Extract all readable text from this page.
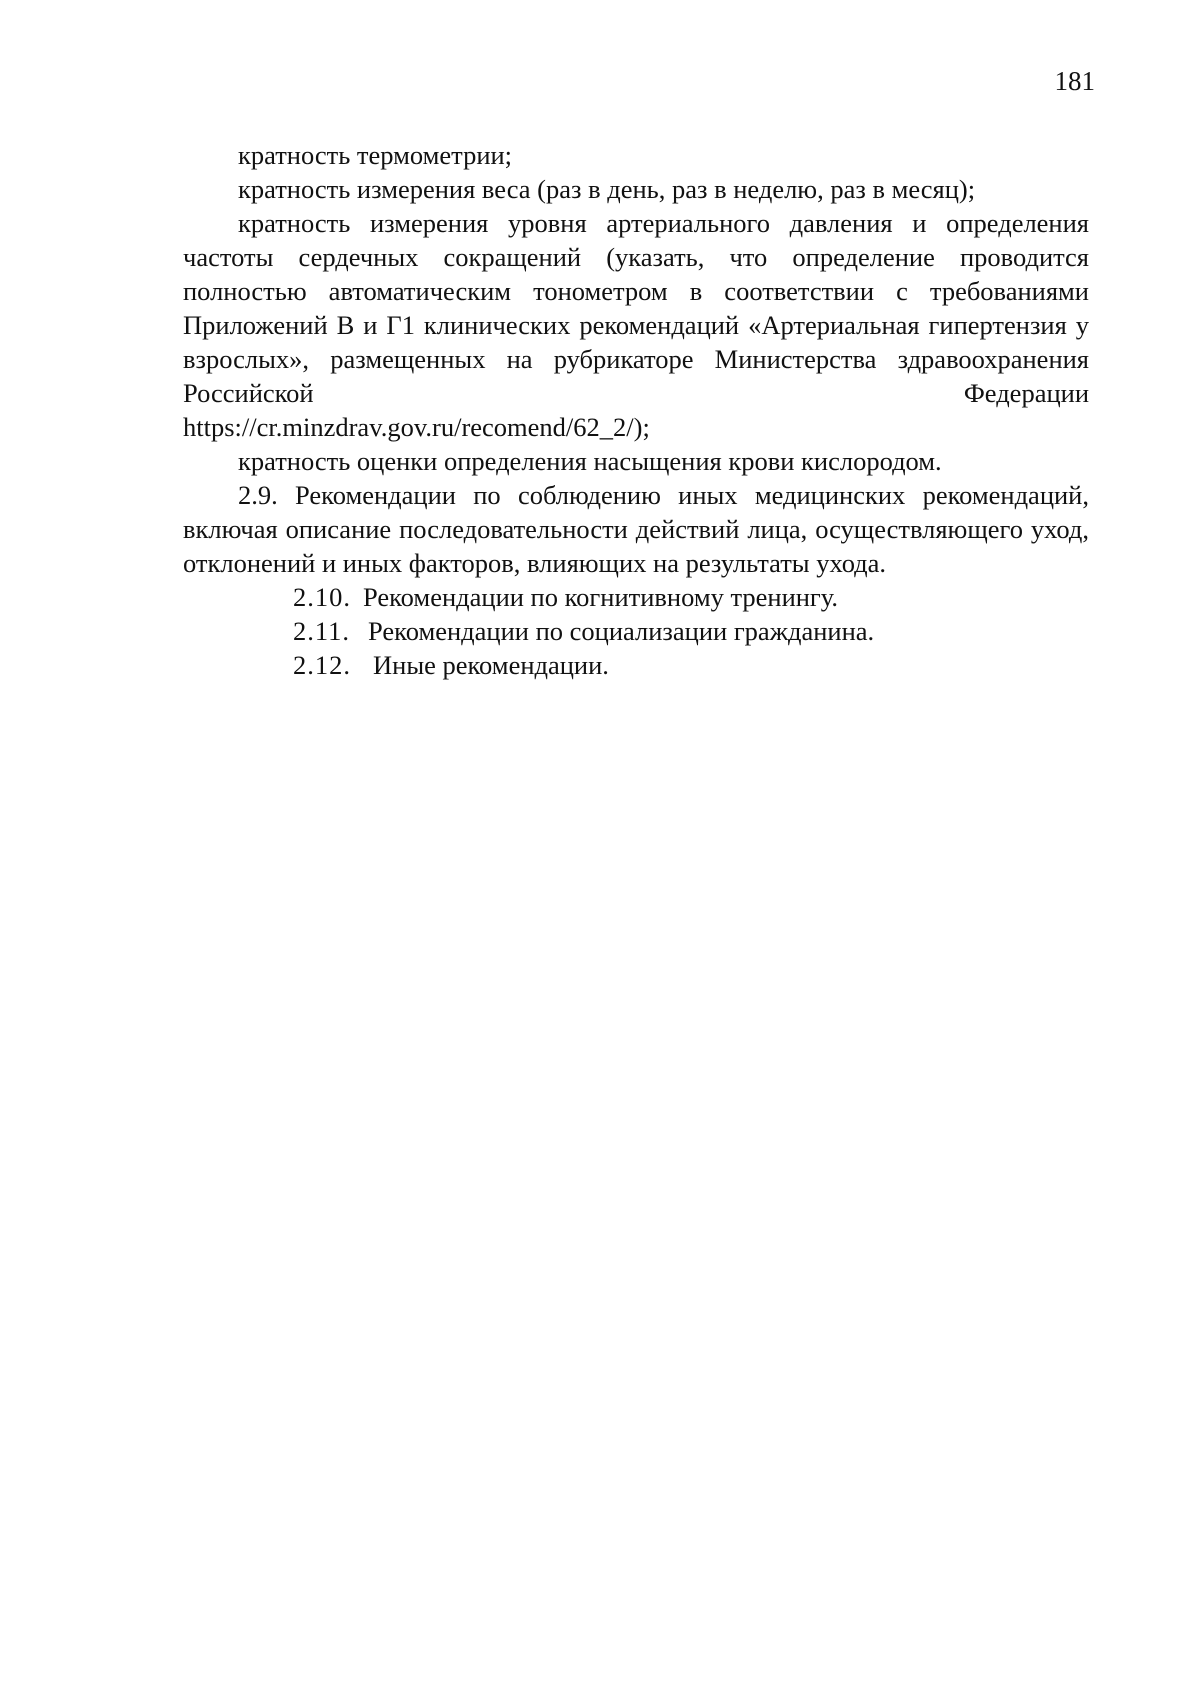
181

кратность термометрии;

кратность измерения веса (раз в день, раз в неделю, раз в месяц);

кратность измерения уровня артериального давления и определения частоты сердечных сокращений (указать, что определение проводится полностью автоматическим тонометром в соответствии с требованиями Приложений В и Г1 клинических рекомендаций «Артериальная гипертензия у взрослых», размещенных на рубрикаторе Министерства здравоохранения Российской Федерации

https://cr.minzdrav.gov.ru/recomend/62_2/);

кратность оценки определения насыщения крови кислородом.

2.9. Рекомендации по соблюдению иных медицинских рекомендаций, включая описание последовательности действий лица, осуществляющего уход, отклонений и иных факторов, влияющих на результаты ухода.

2.10. Рекомендации по когнитивному тренингу.

2.11. Рекомендации по социализации гражданина.

2.12. Иные рекомендации.
